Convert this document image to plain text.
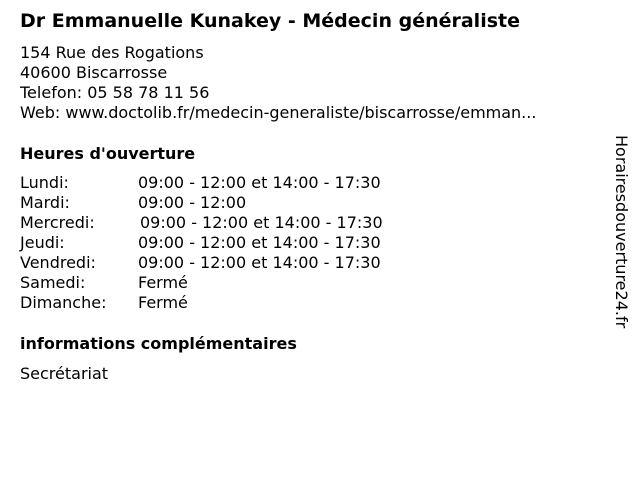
Dr Emmanuelle Kunakey - Médecin généraliste
154 Rue des Rogations
40600 Biscarrosse
Telefon: 05 58 78 11 56
Web: www.doctolib.fr/medecin-generaliste/biscarrosse/emman...
Heures d'ouverture
Lundi:	09:00 - 12:00 et 14:00 - 17:30
Mardi:	09:00 - 12:00
Mercredi:	09:00 - 12:00 et 14:00 - 17:30
Jeudi:	09:00 - 12:00 et 14:00 - 17:30
Vendredi:	09:00 - 12:00 et 14:00 - 17:30
Samedi:	Fermé
Dimanche: Fermé
informations complémentaires
Secrétariat
Horairesdouverture24.fr
